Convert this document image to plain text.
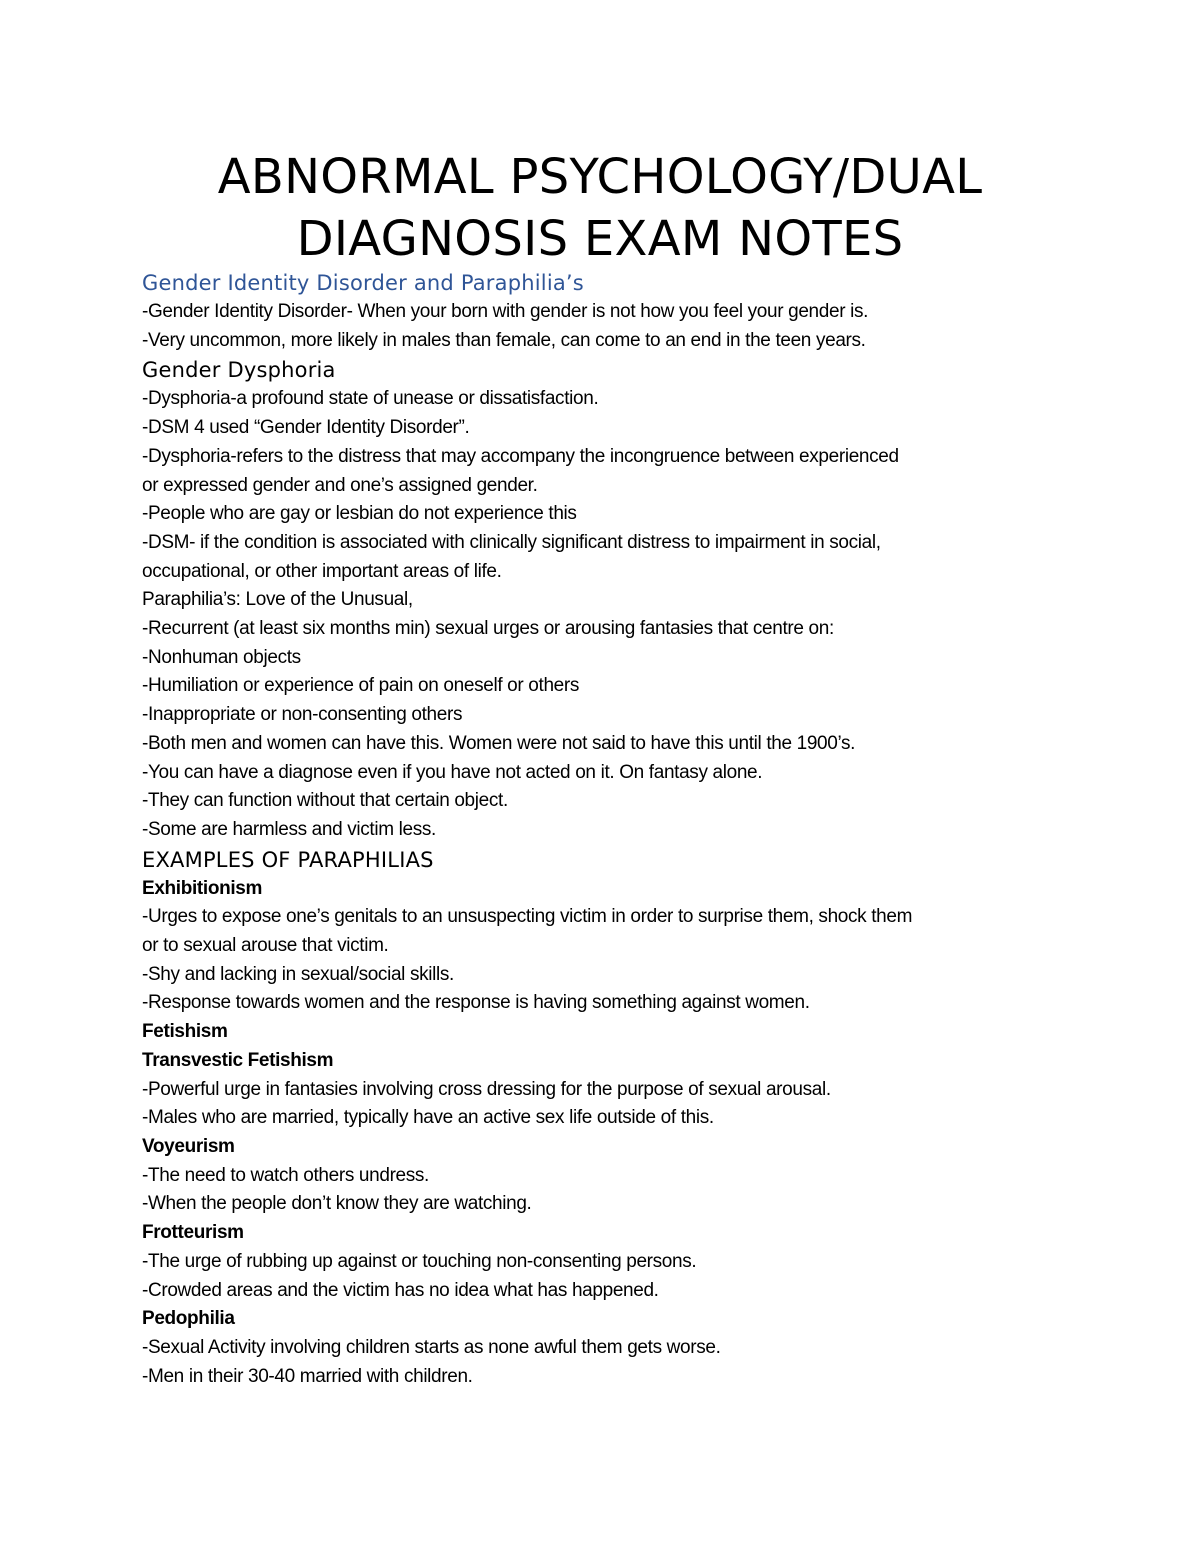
ABNORMAL PSYCHOLOGY/DUAL
DIAGNOSIS EXAM NOTES
Gender Identity Disorder and Paraphilia’s
-Gender Identity Disorder- When your born with gender is not how you feel your gender is.
-Very uncommon, more likely in males than female, can come to an end in the teen years.
Gender Dysphoria
-Dysphoria-a profound state of unease or dissatisfaction.
-DSM 4 used “Gender Identity Disorder”.
-Dysphoria-refers to the distress that may accompany the incongruence between experienced
or expressed gender and one’s assigned gender.
-People who are gay or lesbian do not experience this
-DSM- if the condition is associated with clinically significant distress to impairment in social,
occupational, or other important areas of life.
Paraphilia’s: Love of the Unusual,
-Recurrent (at least six months min) sexual urges or arousing fantasies that centre on:
-Nonhuman objects
-Humiliation or experience of pain on oneself or others
-Inappropriate or non-consenting others
-Both men and women can have this. Women were not said to have this until the 1900’s.
-You can have a diagnose even if you have not acted on it. On fantasy alone.
-They can function without that certain object.
-Some are harmless and victim less.
EXAMPLES OF PARAPHILIAS
Exhibitionism
-Urges to expose one’s genitals to an unsuspecting victim in order to surprise them, shock them
or to sexual arouse that victim.
-Shy and lacking in sexual/social skills.
-Response towards women and the response is having something against women.
Fetishism
Transvestic Fetishism
-Powerful urge in fantasies involving cross dressing for the purpose of sexual arousal.
-Males who are married, typically have an active sex life outside of this.
Voyeurism
-The need to watch others undress.
-When the people don’t know they are watching.
Frotteurism
-The urge of rubbing up against or touching non-consenting persons.
-Crowded areas and the victim has no idea what has happened.
Pedophilia
-Sexual Activity involving children starts as none awful them gets worse.
-Men in their 30-40 married with children.
